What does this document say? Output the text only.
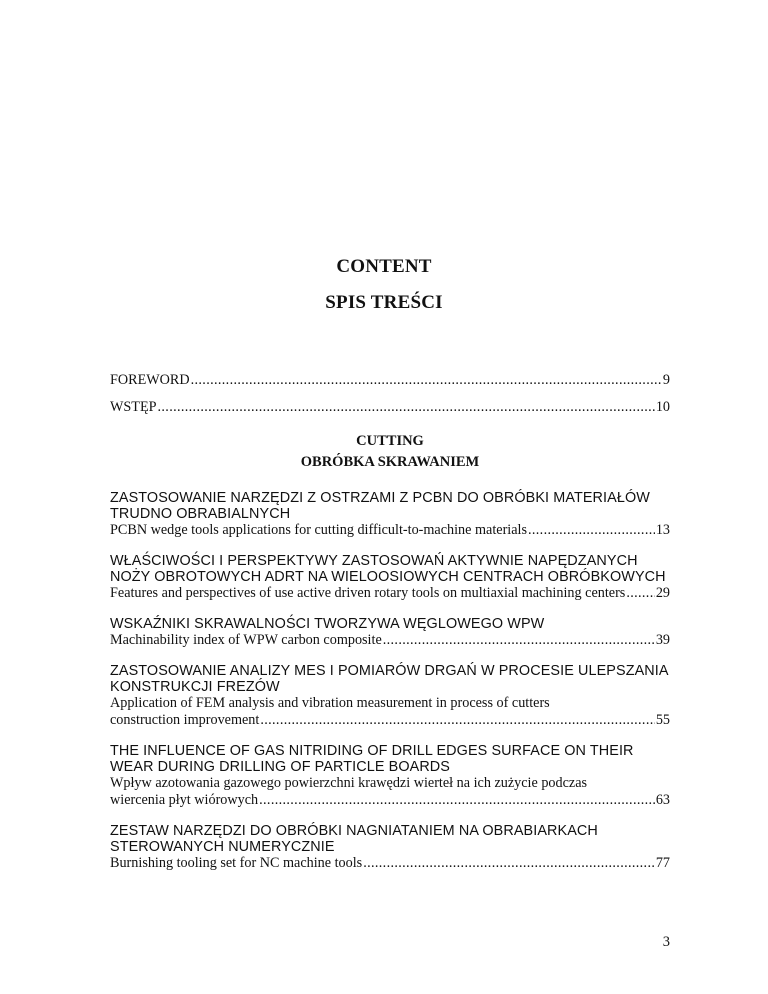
CONTENT
SPIS TREŚCI
FOREWORD . . .	9
WSTĘP . . .	10
CUTTING
OBRÓBKA SKRAWANIEM
ZASTOSOWANIE NARZĘDZI Z OSTRZAMI Z PCBN DO OBRÓBKI MATERIAŁÓW
TRUDNO OBRABIALNYCH
PCBN wedge tools applications for cutting difficult-to-machine materials . . .	13
WŁAŚCIWOŚCI I PERSPEKTYWY ZASTOSOWAŃ AKTYWNIE NAPĘDZANYCH
NOŻY OBROTOWYCH ADRT NA WIELOOSIOWYCH CENTRACH OBRÓBKOWYCH
Features and perspectives of use active driven rotary tools on multiaxial machining centers . . . 29
WSKAŹNIKI SKRAWALNOŚCI TWORZYWA WĘGLOWEGO WPW
Machinability index of WPW carbon composite . . .	39
ZASTOSOWANIE ANALIZY MES I POMIARÓW DRGAŃ W PROCESIE ULEPSZANIA
KONSTRUKCJI FREZÓW
Application of FEM analysis and vibration measurement in process of cutters
construction improvement . . .	55
THE INFLUENCE OF GAS NITRIDING OF DRILL EDGES SURFACE ON THEIR
WEAR DURING DRILLING OF PARTICLE BOARDS
Wpływ azotowania gazowego powierzchni krawędzi wierteł na ich zużycie podczas
wiercenia płyt wiórowych . . .	63
ZESTAW NARZĘDZI DO OBRÓBKI NAGNIATANIEM NA OBRABIARKACH
STEROWANYCH NUMERYCZNIE
Burnishing tooling set for NC machine tools . . .	77
3
